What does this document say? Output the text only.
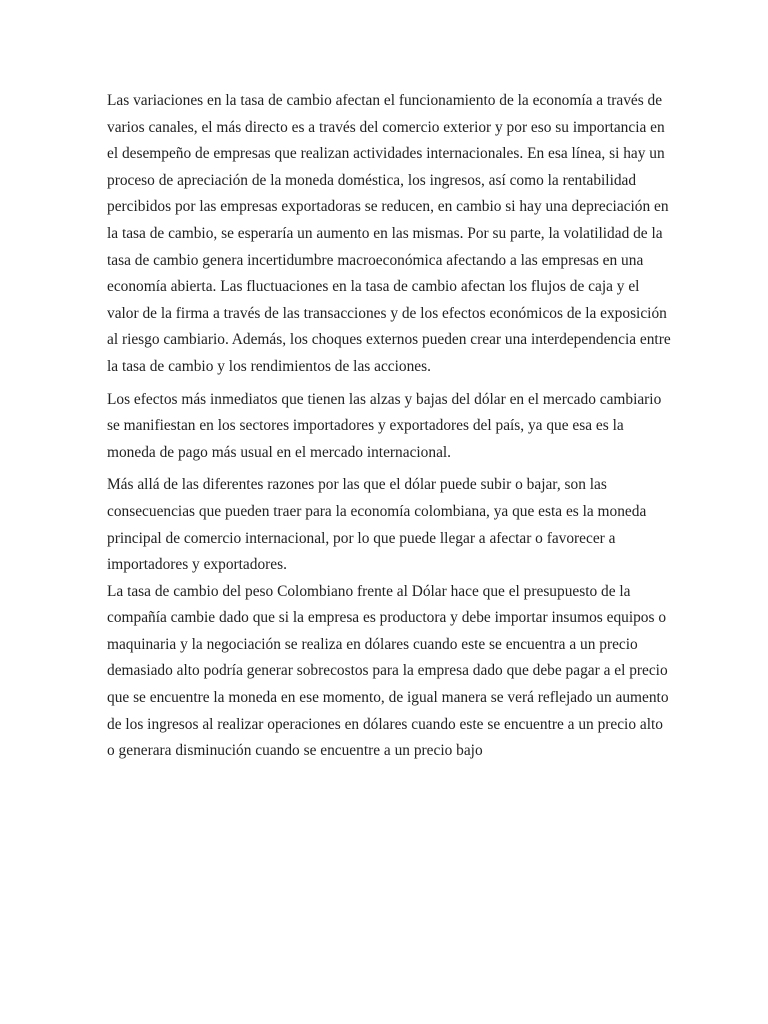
Las variaciones en la tasa de cambio afectan el funcionamiento de la economía a través de
varios canales, el más directo es a través del comercio exterior y por eso su importancia en
el desempeño de empresas que realizan actividades internacionales. En esa línea, si hay un
proceso de apreciación de la moneda doméstica, los ingresos, así como la rentabilidad
percibidos por las empresas exportadoras se reducen, en cambio si hay una depreciación en
la tasa de cambio, se esperaría un aumento en las mismas. Por su parte, la volatilidad de la
tasa de cambio genera incertidumbre macroeconómica afectando a las empresas en una
economía abierta. Las fluctuaciones en la tasa de cambio afectan los flujos de caja y el
valor de la firma a través de las transacciones y de los efectos económicos de la exposición
al riesgo cambiario. Además, los choques externos pueden crear una interdependencia entre
la tasa de cambio y los rendimientos de las acciones.
Los efectos más inmediatos que tienen las alzas y bajas del dólar en el mercado cambiario
se manifiestan en los sectores importadores y exportadores del país, ya que esa es la
moneda de pago más usual en el mercado internacional.
Más allá de las diferentes razones por las que el dólar puede subir o bajar, son las
consecuencias que pueden traer para la economía colombiana, ya que esta es la moneda
principal de comercio internacional, por lo que puede llegar a afectar o favorecer a
importadores y exportadores.
La tasa de cambio del peso Colombiano frente al Dólar hace que el presupuesto de la
compañía cambie dado que si la empresa es productora y debe importar insumos equipos o
maquinaria y la negociación se realiza en dólares cuando este se encuentra a un precio
demasiado alto podría generar sobrecostos para la empresa dado que debe pagar a el precio
que se encuentre la moneda en ese momento, de igual manera se verá reflejado un aumento
de los ingresos al realizar operaciones en dólares cuando este se encuentre a un precio alto
o generara disminución cuando se encuentre a un precio bajo
